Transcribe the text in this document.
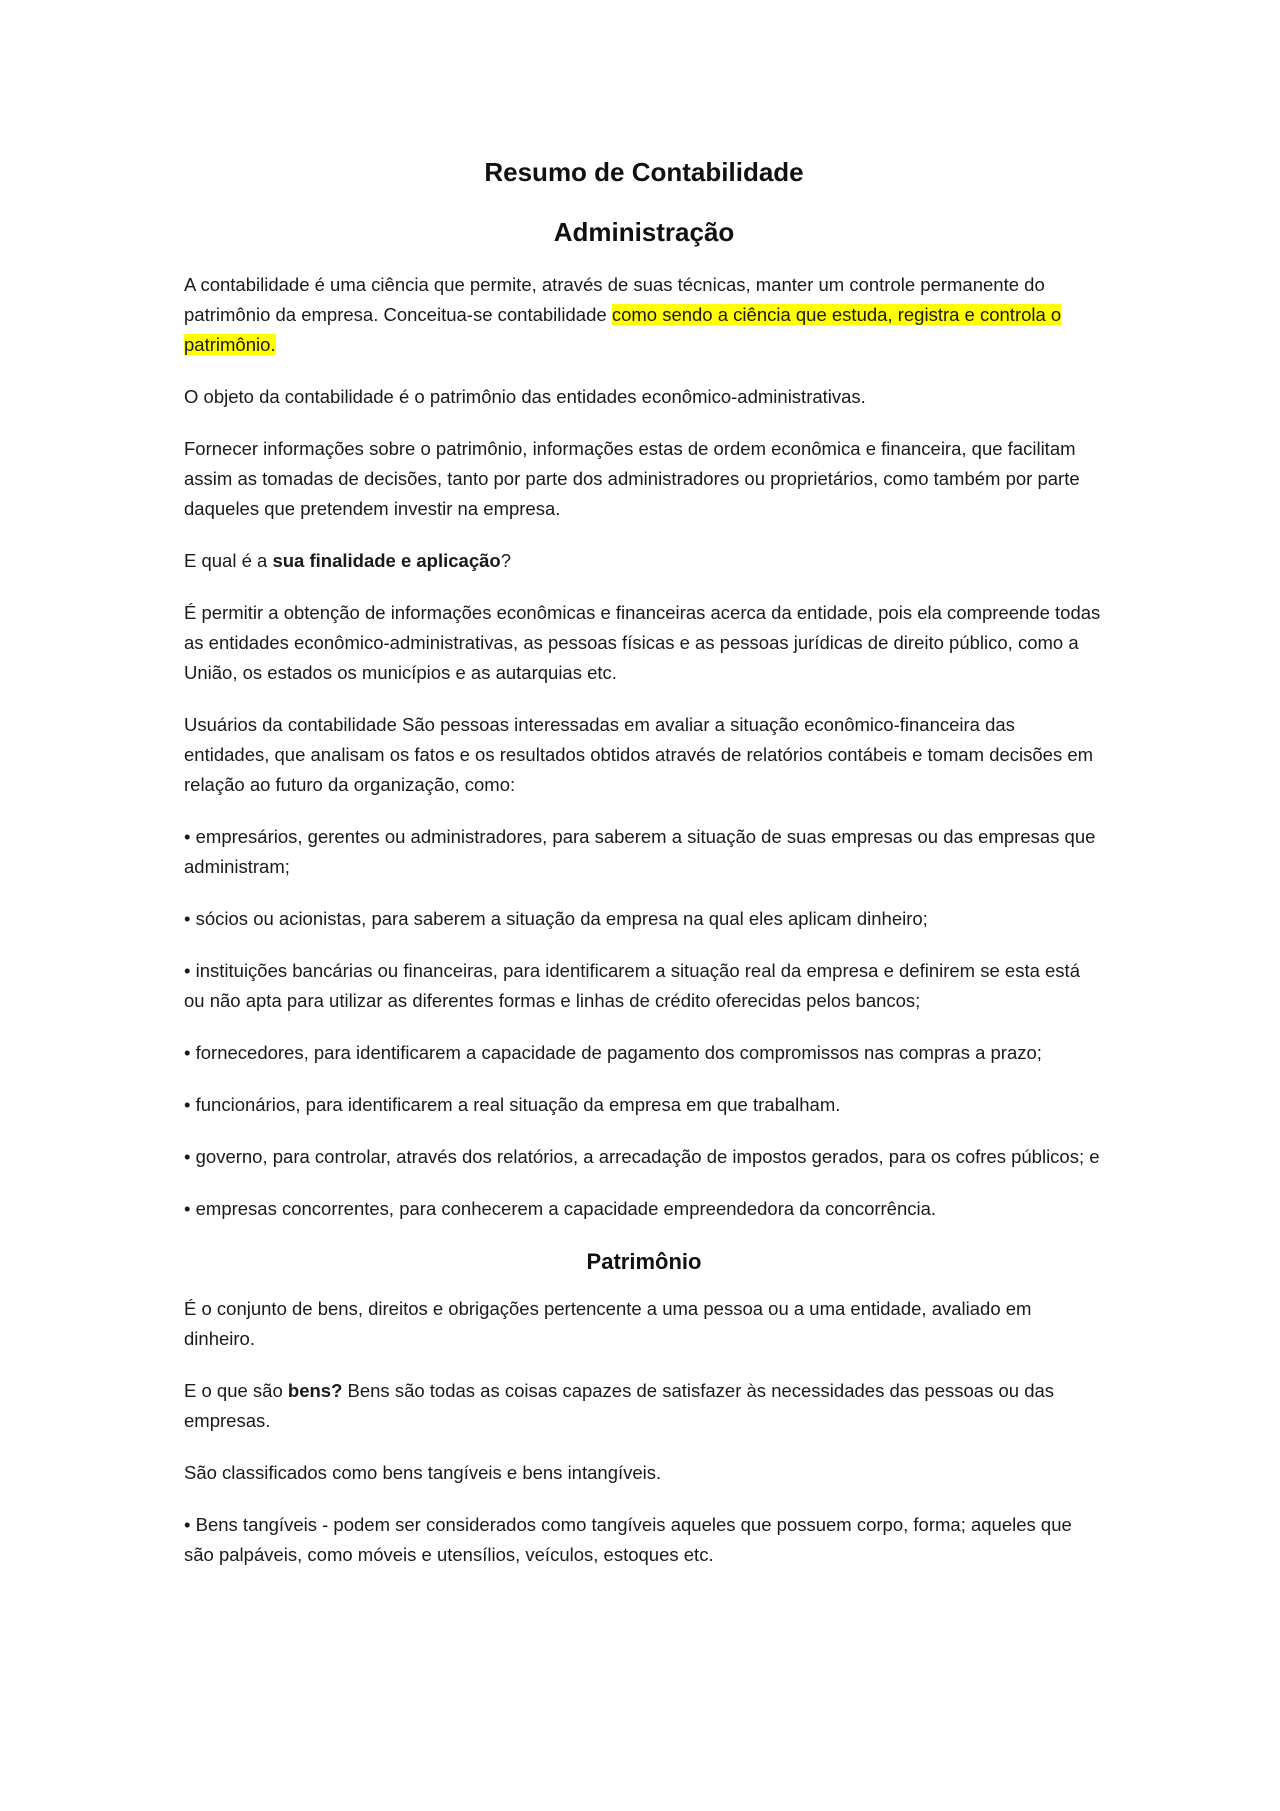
Resumo de Contabilidade
Administração

A contabilidade é uma ciência que permite, através de suas técnicas, manter um controle permanente do patrimônio da empresa. Conceitua-se contabilidade como sendo a ciência que estuda, registra e controla o patrimônio.

O objeto da contabilidade é o patrimônio das entidades econômico-administrativas.

Fornecer informações sobre o patrimônio, informações estas de ordem econômica e financeira, que facilitam assim as tomadas de decisões, tanto por parte dos administradores ou proprietários, como também por parte daqueles que pretendem investir na empresa.

E qual é a sua finalidade e aplicação?

É permitir a obtenção de informações econômicas e financeiras acerca da entidade, pois ela compreende todas as entidades econômico-administrativas, as pessoas físicas e as pessoas jurídicas de direito público, como a União, os estados os municípios e as autarquias etc.

Usuários da contabilidade São pessoas interessadas em avaliar a situação econômico-financeira das entidades, que analisam os fatos e os resultados obtidos através de relatórios contábeis e tomam decisões em relação ao futuro da organização, como:

• empresários, gerentes ou administradores, para saberem a situação de suas empresas ou das empresas que administram;

• sócios ou acionistas, para saberem a situação da empresa na qual eles aplicam dinheiro;

• instituições bancárias ou financeiras, para identificarem a situação real da empresa e definirem se esta está ou não apta para utilizar as diferentes formas e linhas de crédito oferecidas pelos bancos;

• fornecedores, para identificarem a capacidade de pagamento dos compromissos nas compras a prazo;

• funcionários, para identificarem a real situação da empresa em que trabalham.

• governo, para controlar, através dos relatórios, a arrecadação de impostos gerados, para os cofres públicos; e

• empresas concorrentes, para conhecerem a capacidade empreendedora da concorrência.

Patrimônio

É o conjunto de bens, direitos e obrigações pertencente a uma pessoa ou a uma entidade, avaliado em dinheiro.

E o que são bens? Bens são todas as coisas capazes de satisfazer às necessidades das pessoas ou das empresas.

São classificados como bens tangíveis e bens intangíveis.

• Bens tangíveis - podem ser considerados como tangíveis aqueles que possuem corpo, forma; aqueles que são palpáveis, como móveis e utensílios, veículos, estoques etc.
